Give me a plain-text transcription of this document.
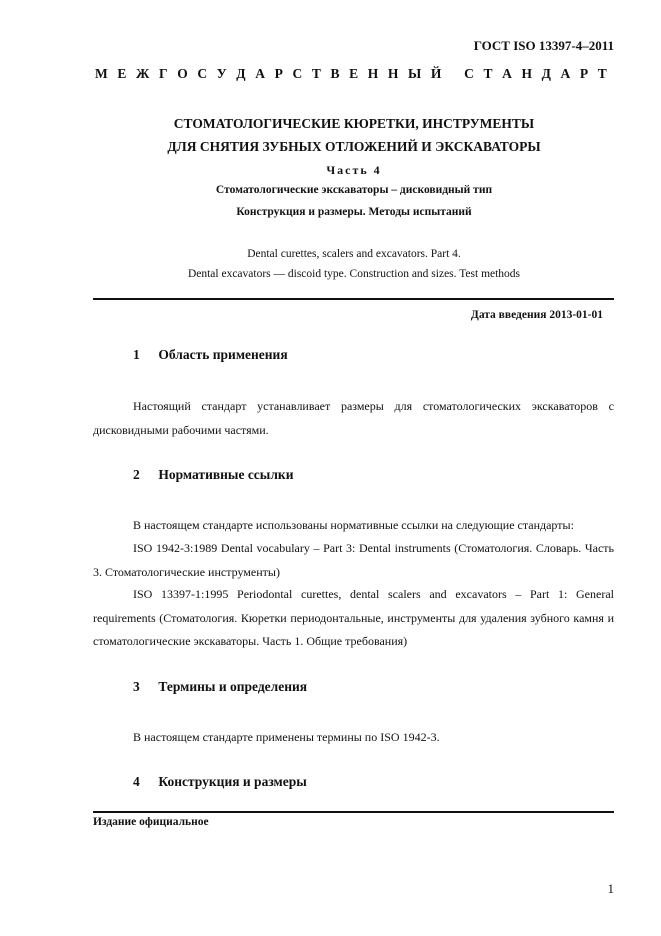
ГОСТ ISO 13397-4–2011
М Е Ж Г О С У Д А Р С Т В Е Н Н Ы Й
С Т А Н Д А Р Т
СТОМАТОЛОГИЧЕСКИЕ КЮРЕТКИ, ИНСТРУМЕНТЫ
ДЛЯ СНЯТИЯ ЗУБНЫХ ОТЛОЖЕНИЙ И ЭКСКАВАТОРЫ
Часть 4
Стоматологические экскаваторы – дисковидный тип
Конструкция и размеры. Методы испытаний
Dental curettes, scalers and excavators. Part 4.
Dental excavators — discoid type. Construction and sizes. Test methods
Дата введения 2013-01-01
1 Область применения
Настоящий стандарт устанавливает размеры для стоматологических экскаваторов с дисковидными рабочими частями.
2 Нормативные ссылки
В настоящем стандарте использованы нормативные ссылки на следующие стандарты:
ISO 1942-3:1989 Dental vocabulary – Part 3: Dental instruments (Стоматология. Словарь. Часть 3. Стоматологические инструменты)
ISO 13397-1:1995 Periodontal curettes, dental scalers and excavators – Part 1: General requirements (Стоматология. Кюретки периодонтальные, инструменты для удаления зубного камня и стоматологические экскаваторы. Часть 1. Общие требования)
3 Термины и определения
В настоящем стандарте применены термины по ISO 1942-3.
4 Конструкция и размеры
Издание официальное
1
